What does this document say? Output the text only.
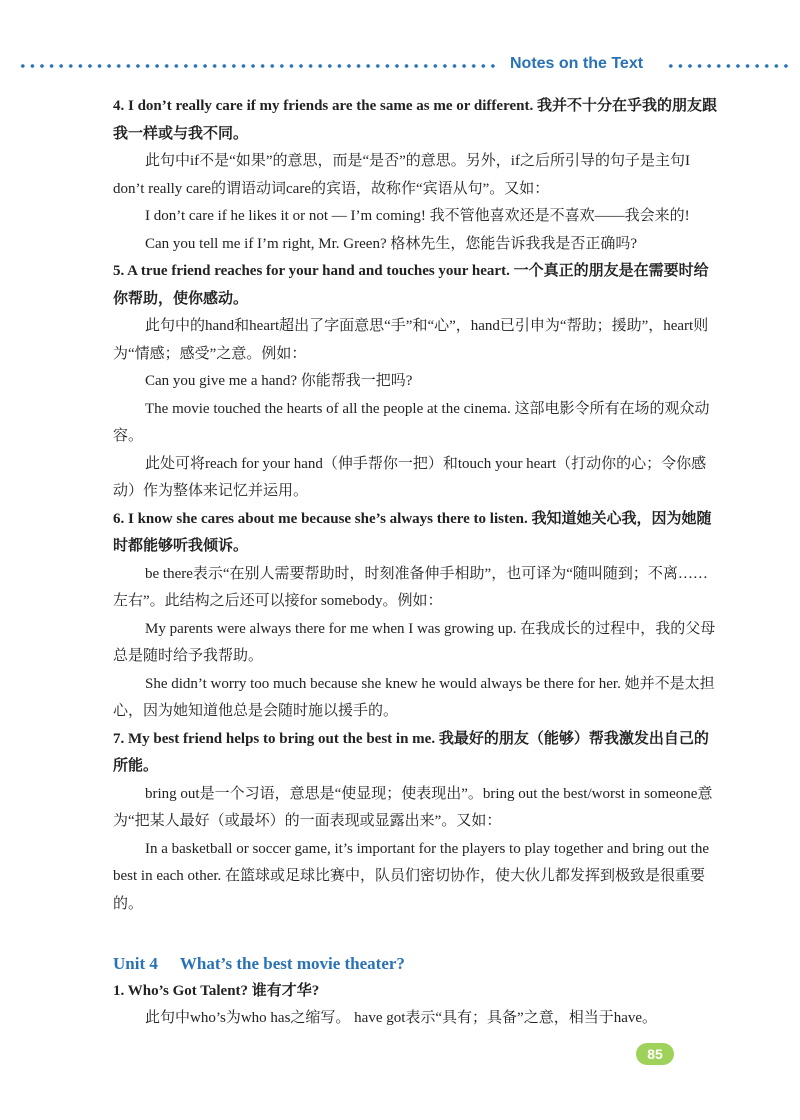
Notes on the Text

4. I don’t really care if my friends are the same as me or different. 我并不十分在乎我的朋友跟我一样或与我不同。

此句中if不是“如果”的意思，而是“是否”的意思。另外，if之后所引导的句子是主句I don’t really care的谓语动词care的宾语，故称作“宾语从句”。又如：

I don’t care if he likes it or not — I’m coming! 我不管他喜欢还是不喜欢——我会来的!

Can you tell me if I’m right, Mr. Green? 格林先生，您能告诉我我是否正确吗?

5. A true friend reaches for your hand and touches your heart. 一个真正的朋友是在需要时给你帮助，使你感动。

此句中的hand和heart超出了字面意思“手”和“心”，hand已引申为“帮助；援助”，heart则为“情感；感受”之意。例如：

Can you give me a hand? 你能帮我一把吗?

The movie touched the hearts of all the people at the cinema. 这部电影令所有在场的观众动容。

此处可将reach for your hand（伸手帮你一把）和touch your heart（打动你的心；令你感动）作为整体来记忆并运用。

6. I know she cares about me because she’s always there to listen. 我知道她关心我，因为她随时都能够听我倾诉。

be there表示“在别人需要帮助时，时刻准备伸手相助”，也可译为“随叫随到；不离……左右”。此结构之后还可以接for somebody。例如：

My parents were always there for me when I was growing up. 在我成长的过程中，我的父母总是随时给予我帮助。

She didn’t worry too much because she knew he would always be there for her. 她并不是太担心，因为她知道他总是会随时施以援手的。

7. My best friend helps to bring out the best in me. 我最好的朋友（能够）帮我激发出自己的所能。

bring out是一个习语，意思是“使显现；使表现出”。bring out the best/worst in someone意为“把某人最好（或最坏）的一面表现或显露出来”。又如：

In a basketball or soccer game, it’s important for the players to play together and bring out the best in each other. 在篮球或足球比赛中，队员们密切协作，使大伙儿都发挥到极致是很重要的。

Unit 4 What’s the best movie theater?

1. Who’s Got Talent? 谁有才华?

此句中who’s为who has之缩写。 have got表示“具有；具备”之意，相当于have。

85
